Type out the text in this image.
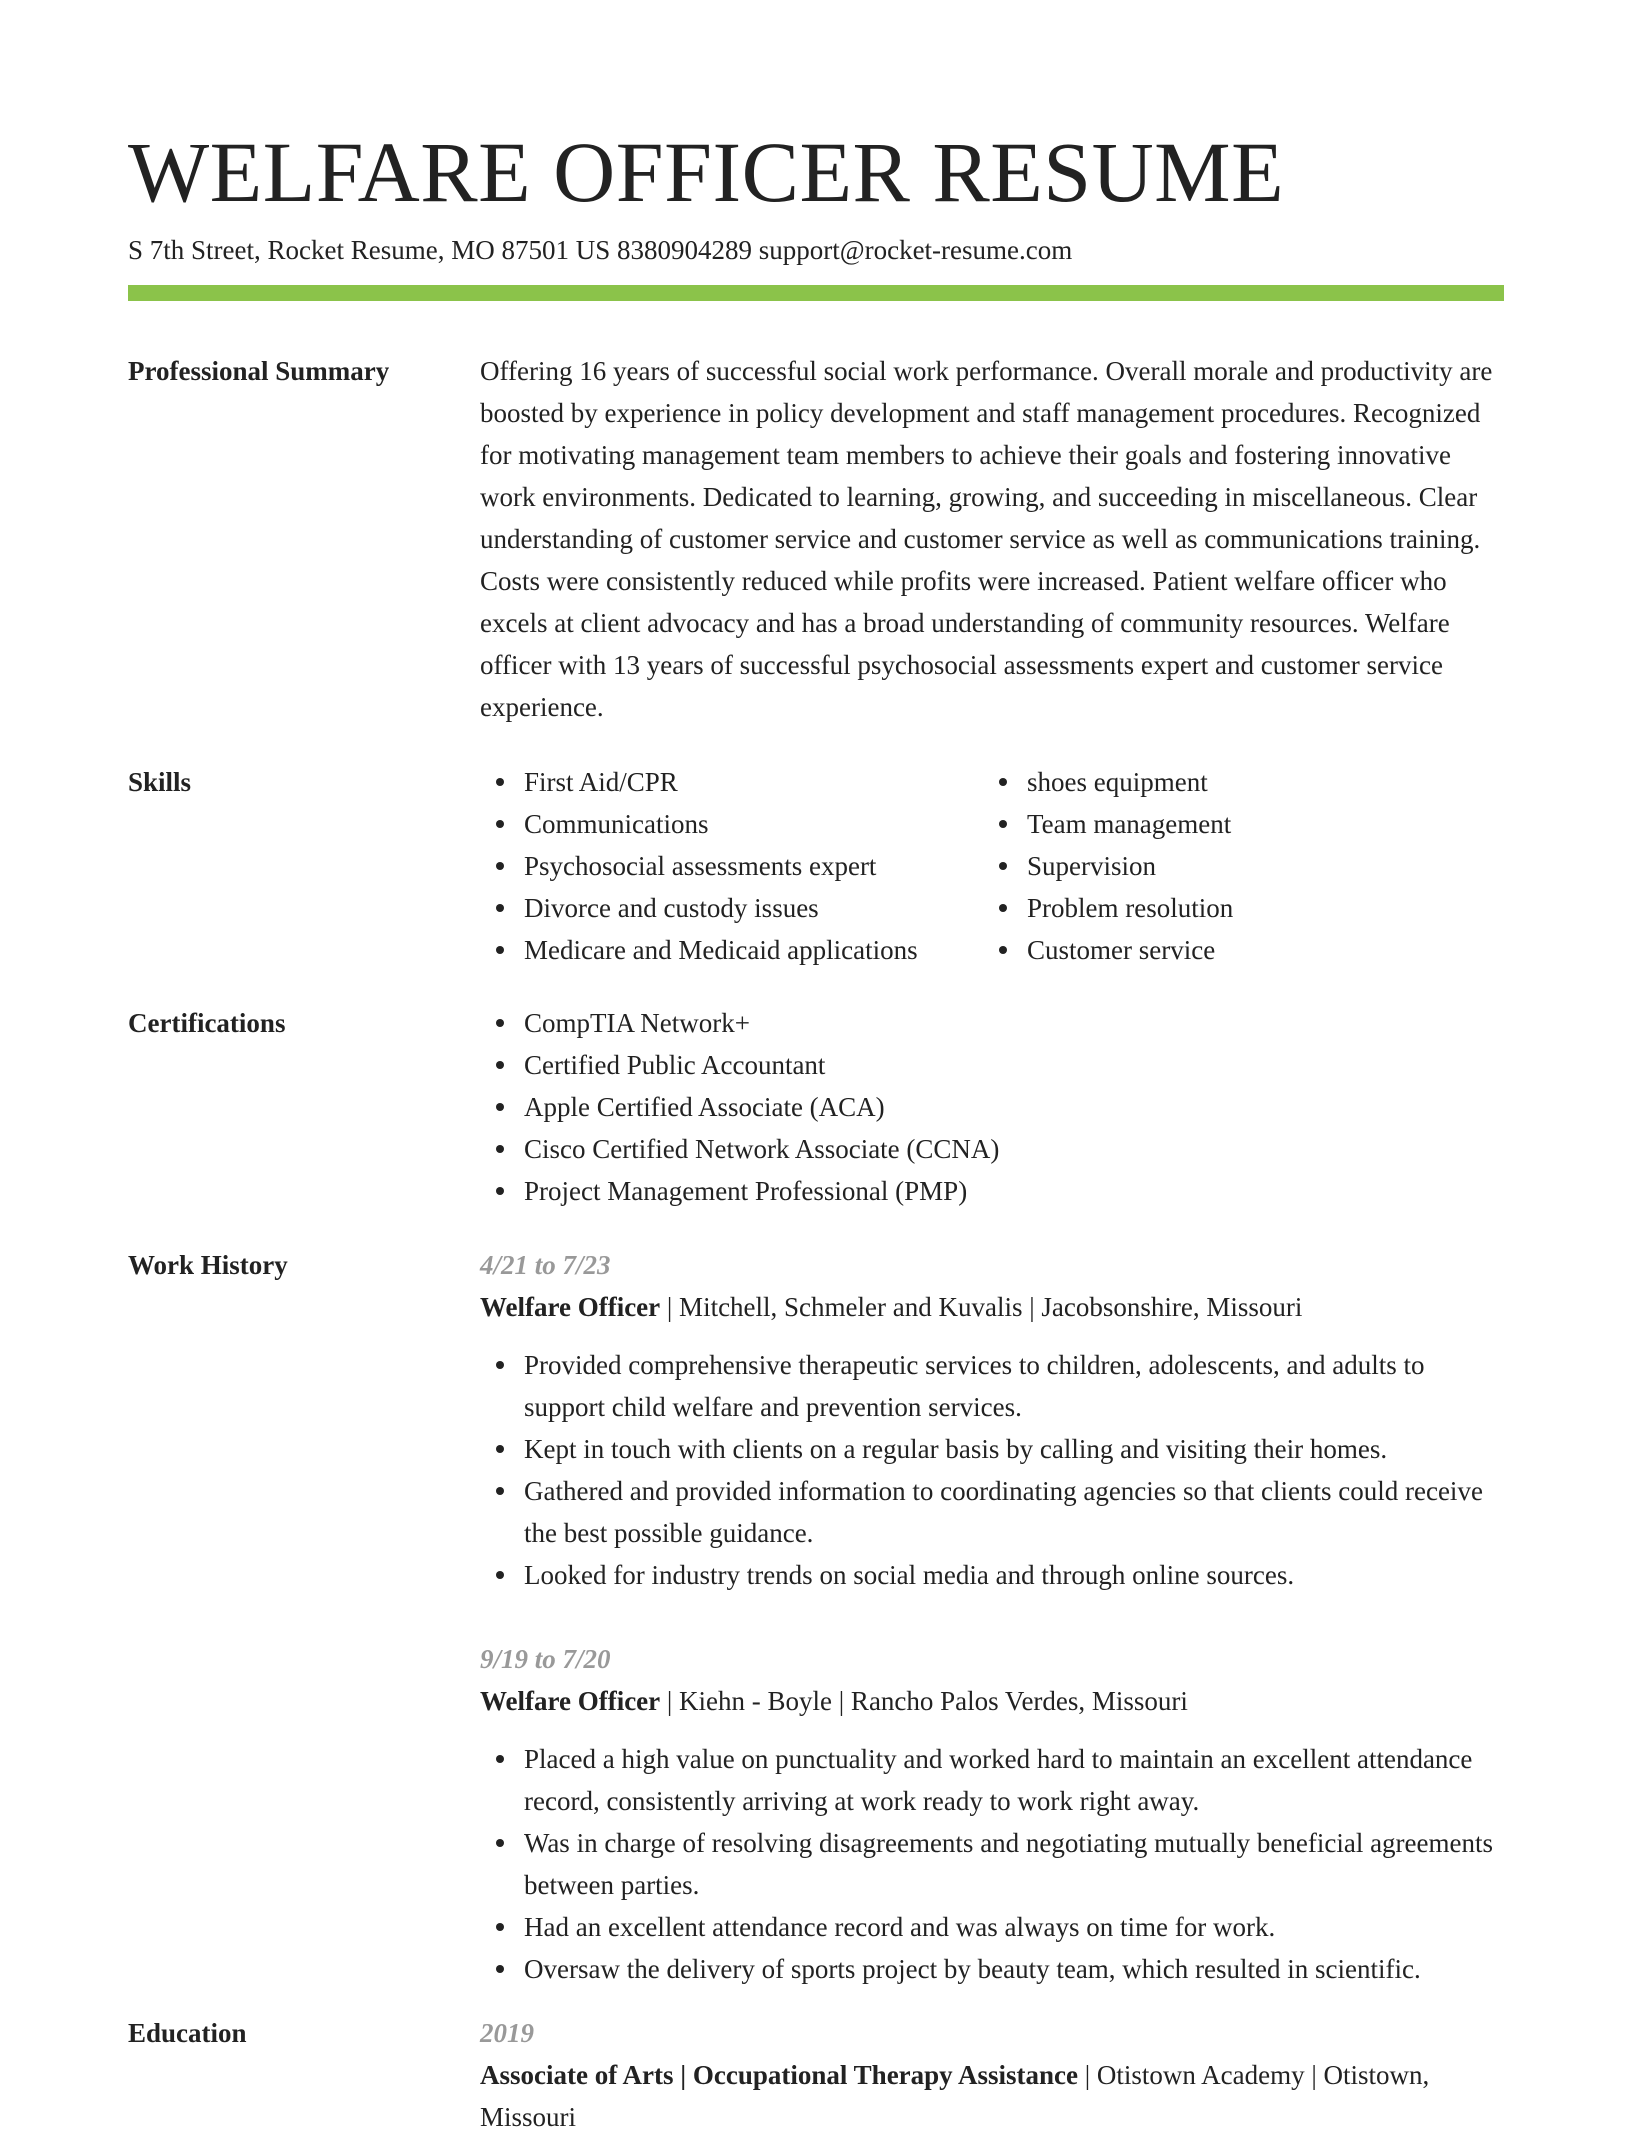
WELFARE OFFICER RESUME
S 7th Street, Rocket Resume, MO 87501 US 8380904289 support@rocket-resume.com
Professional Summary	Offering 16 years of successful social work performance. Overall morale and productivity are boosted by experience in policy development and staff management procedures. Recognized for motivating management team members to achieve their goals and fostering innovative work environments. Dedicated to learning, growing, and succeeding in miscellaneous. Clear understanding of customer service and customer service as well as communications training. Costs were consistently reduced while profits were increased. Patient welfare officer who excels at client advocacy and has a broad understanding of community resources. Welfare officer with 13 years of successful psychosocial assessments expert and customer service experience.

Skills	First Aid/CPR
Communications
Psychosocial assessments expert
Divorce and custody issues
Medicare and Medicaid applications
shoes equipment
Team management
Supervision
Problem resolution
Customer service
Certifications	CompTIA Network+
Certified Public Accountant
Apple Certified Associate (ACA)
Cisco Certified Network Associate (CCNA)
Project Management Professional (PMP)
Work History	4/21 to 7/23
Welfare Officer | Mitchell, Schmeler and Kuvalis | Jacobsonshire, Missouri
Provided comprehensive therapeutic services to children, adolescents, and adults to support child welfare and prevention services.
Kept in touch with clients on a regular basis by calling and visiting their homes.
Gathered and provided information to coordinating agencies so that clients could receive the best possible guidance.
Looked for industry trends on social media and through online sources.
9/19 to 7/20
Welfare Officer | Kiehn - Boyle | Rancho Palos Verdes, Missouri
Placed a high value on punctuality and worked hard to maintain an excellent attendance record, consistently arriving at work ready to work right away.
Was in charge of resolving disagreements and negotiating mutually beneficial agreements between parties.
Had an excellent attendance record and was always on time for work.
Oversaw the delivery of sports project by beauty team, which resulted in scientific.
Education	2019
Associate of Arts | Occupational Therapy Assistance | Otistown Academy | Otistown, Missouri
